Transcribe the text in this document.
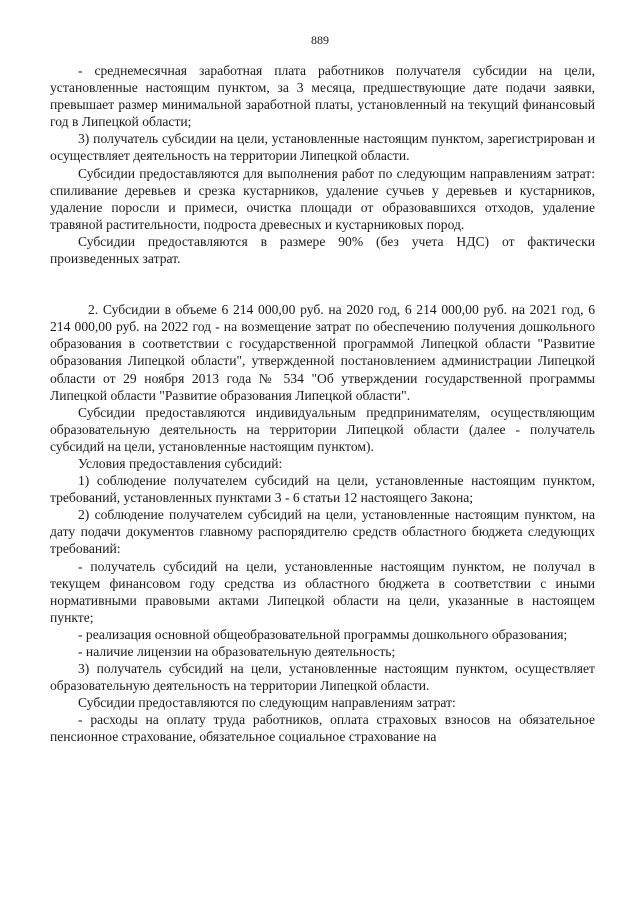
889

- среднемесячная заработная плата работников получателя субсидии на цели, установленные настоящим пунктом, за 3 месяца, предшествующие дате подачи заявки, превышает размер минимальной заработной платы, установленный на текущий финансовый год в Липецкой области;

3) получатель субсидии на цели, установленные настоящим пунктом, зарегистрирован и осуществляет деятельность на территории Липецкой области.

Субсидии предоставляются для выполнения работ по следующим направлениям затрат: спиливание деревьев и срезка кустарников, удаление сучьев у деревьев и кустарников, удаление поросли и примеси, очистка площади от образовавшихся отходов, удаление травяной растительности, подроста древесных и кустарниковых пород.

Субсидии предоставляются в размере 90% (без учета НДС) от фактически произведенных затрат.

2. Субсидии в объеме 6 214 000,00 руб. на 2020 год, 6 214 000,00 руб. на 2021 год, 6 214 000,00 руб. на 2022 год - на возмещение затрат по обеспечению получения дошкольного образования в соответствии с государственной программой Липецкой области "Развитие образования Липецкой области", утвержденной постановлением администрации Липецкой области от 29 ноября 2013 года № 534 "Об утверждении государственной программы Липецкой области "Развитие образования Липецкой области".

Субсидии предоставляются индивидуальным предпринимателям, осуществляющим образовательную деятельность на территории Липецкой области (далее - получатель субсидий на цели, установленные настоящим пунктом).

Условия предоставления субсидий:

1) соблюдение получателем субсидий на цели, установленные настоящим пунктом, требований, установленных пунктами 3 - 6 статьи 12 настоящего Закона;

2) соблюдение получателем субсидий на цели, установленные настоящим пунктом, на дату подачи документов главному распорядителю средств областного бюджета следующих требований:

- получатель субсидий на цели, установленные настоящим пунктом, не получал в текущем финансовом году средства из областного бюджета в соответствии с иными нормативными правовыми актами Липецкой области на цели, указанные в настоящем пункте;

- реализация основной общеобразовательной программы дошкольного образования;

- наличие лицензии на образовательную деятельность;

3) получатель субсидий на цели, установленные настоящим пунктом, осуществляет образовательную деятельность на территории Липецкой области.

Субсидии предоставляются по следующим направлениям затрат:

- расходы на оплату труда работников, оплата страховых взносов на обязательное пенсионное страхование, обязательное социальное страхование на
